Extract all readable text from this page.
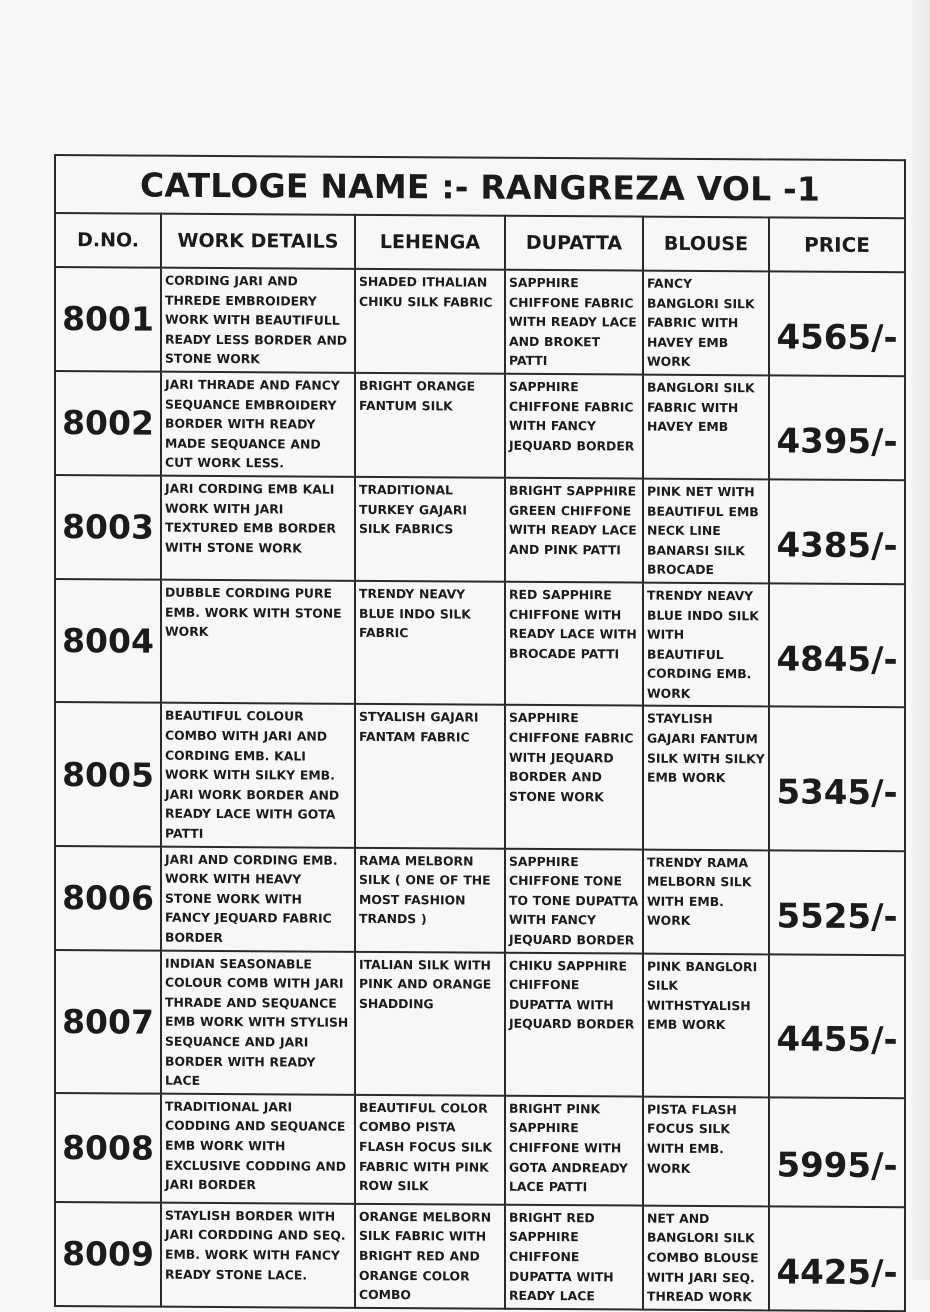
CATLOGE NAME :- RANGREZA VOL -1					
D.NO.	WORK DETAILS	LEHENGA	DUPATTA	BLOUSE	PRICE
8001	CORDING JARI AND THREDE EMBROIDERY WORK WITH BEAUTIFULL READY LESS BORDER AND STONE WORK	SHADED ITHALIAN CHIKU SILK FABRIC	SAPPHIRE CHIFFONE FABRIC WITH READY LACE AND BROKET PATTI	FANCY BANGLORI SILK FABRIC WITH HAVEY EMB WORK	4565/-
8002	JARI THRADE AND FANCY SEQUANCE EMBROIDERY BORDER WITH READY MADE SEQUANCE AND CUT WORK LESS.	BRIGHT ORANGE FANTUM SILK	SAPPHIRE CHIFFONE FABRIC WITH FANCY JEQUARD BORDER	BANGLORI SILK FABRIC WITH HAVEY EMB	4395/-
8003	JARI CORDING EMB KALI WORK WITH JARI TEXTURED EMB BORDER WITH STONE WORK	TRADITIONAL TURKEY GAJARI SILK FABRICS	BRIGHT SAPPHIRE GREEN CHIFFONE WITH READY LACE AND PINK PATTI	PINK NET WITH BEAUTIFUL EMB NECK LINE BANARSI SILK BROCADE	4385/-
8004	DUBBLE CORDING PURE EMB. WORK WITH STONE WORK	TRENDY NEAVY BLUE INDO SILK FABRIC	RED SAPPHIRE CHIFFONE WITH READY LACE WITH BROCADE PATTI	TRENDY NEAVY BLUE INDO SILK WITH BEAUTIFUL CORDING EMB. WORK	4845/-
8005	BEAUTIFUL COLOUR COMBO WITH JARI AND CORDING EMB. KALI WORK WITH SILKY EMB. JARI WORK BORDER AND READY LACE WITH GOTA PATTI	STYALISH GAJARI FANTAM FABRIC	SAPPHIRE CHIFFONE FABRIC WITH JEQUARD BORDER AND STONE WORK	STAYLISH GAJARI FANTUM SILK WITH SILKY EMB WORK	5345/-
8006	JARI AND CORDING EMB. WORK WITH HEAVY STONE WORK WITH FANCY JEQUARD FABRIC BORDER	RAMA MELBORN SILK ( ONE OF THE MOST FASHION TRANDS )	SAPPHIRE CHIFFONE TONE TO TONE DUPATTA WITH FANCY JEQUARD BORDER	TRENDY RAMA MELBORN SILK WITH EMB. WORK	5525/-
8007	INDIAN SEASONABLE COLOUR COMB WITH JARI THRADE AND SEQUANCE EMB WORK WITH STYLISH SEQUANCE AND JARI BORDER WITH READY LACE	ITALIAN SILK WITH PINK AND ORANGE SHADDING	CHIKU SAPPHIRE CHIFFONE DUPATTA WITH JEQUARD BORDER	PINK BANGLORI SILK WITHSTYALISH EMB WORK	4455/-
8008	TRADITIONAL JARI CODDING AND SEQUANCE EMB WORK WITH EXCLUSIVE CODDING AND JARI BORDER	BEAUTIFUL COLOR COMBO PISTA FLASH FOCUS SILK FABRIC WITH PINK ROW SILK	BRIGHT PINK SAPPHIRE CHIFFONE WITH GOTA ANDREADY LACE PATTI	PISTA FLASH FOCUS SILK WITH EMB. WORK	5995/-
8009	STAYLISH BORDER WITH JARI CORDDING AND SEQ. EMB. WORK WITH FANCY READY STONE LACE.	ORANGE MELBORN SILK FABRIC WITH BRIGHT RED AND ORANGE COLOR COMBO	BRIGHT RED SAPPHIRE CHIFFONE DUPATTA WITH READY LACE	NET AND BANGLORI SILK COMBO BLOUSE WITH JARI SEQ. THREAD WORK	4425/-
